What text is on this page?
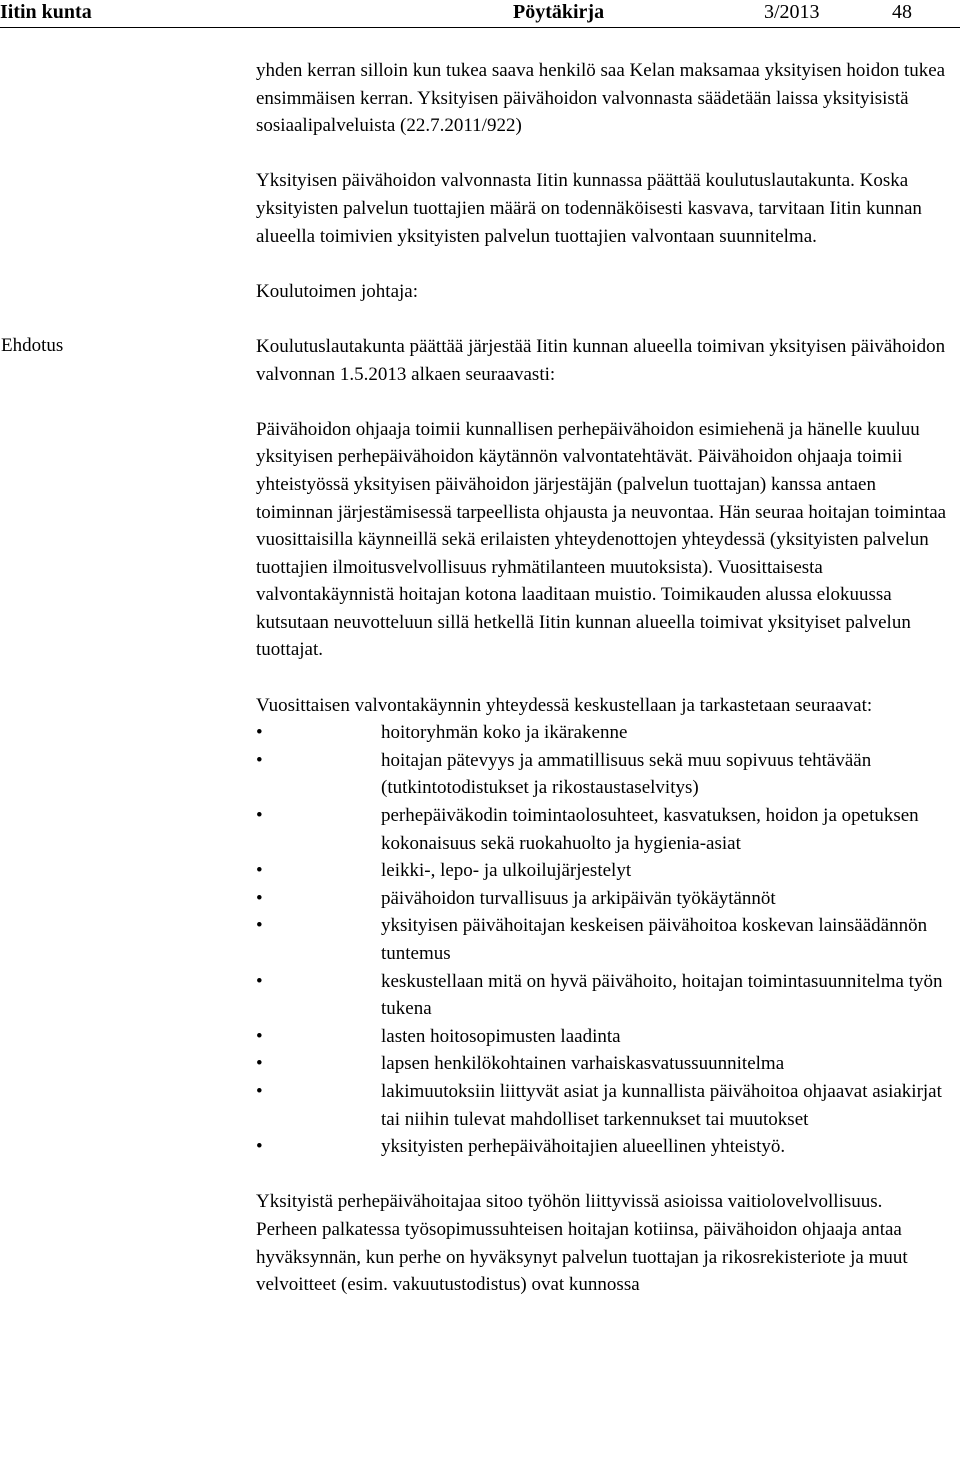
Iitin kunta	Pöytäkirja	3/2013	48
Ehdotus

yhden kerran silloin kun tukea saava henkilö saa Kelan maksamaa yksityisen hoidon tukea ensimmäisen kerran. Yksityisen päivähoidon valvonnasta säädetään laissa yksityisistä sosiaalipalveluista (22.7.2011/922)

Yksityisen päivähoidon valvonnasta Iitin kunnassa päättää koulutuslautakunta. Koska yksityisten palvelun tuottajien määrä on todennäköisesti kasvava, tarvitaan Iitin kunnan alueella toimivien yksityisten palvelun tuottajien valvontaan suunnitelma.

Koulutoimen johtaja:

Koulutuslautakunta päättää järjestää Iitin kunnan alueella toimivan yksityisen päivähoidon valvonnan 1.5.2013 alkaen seuraavasti:

Päivähoidon ohjaaja toimii kunnallisen perhepäivähoidon esimiehenä ja hänelle kuuluu yksityisen perhepäivähoidon käytännön valvontatehtävät. Päivähoidon ohjaaja toimii yhteistyössä yksityisen päivähoidon järjestäjän (palvelun tuottajan) kanssa antaen toiminnan järjestämisessä tarpeellista ohjausta ja neuvontaa. Hän seuraa hoitajan toimintaa vuosittaisilla käynneillä sekä erilaisten yhteydenottojen yhteydessä (yksityisten palvelun tuottajien ilmoitusvelvollisuus ryhmätilanteen muutoksista). Vuosittaisesta valvontakäynnistä hoitajan kotona laaditaan muistio. Toimikauden alussa elokuussa kutsutaan neuvotteluun sillä hetkellä Iitin kunnan alueella toimivat yksityiset palvelun tuottajat.

Vuosittaisen valvontakäynnin yhteydessä keskustellaan ja tarkastetaan seuraavat:

•	hoitoryhmän koko ja ikärakenne
•	hoitajan pätevyys ja ammatillisuus sekä muu sopivuus tehtävään (tutkintotodistukset ja rikostaustaselvitys)
•	perhepäiväkodin toimintaolosuhteet, kasvatuksen, hoidon ja opetuksen kokonaisuus sekä ruokahuolto ja hygienia-asiat
•	leikki-, lepo- ja ulkoilujärjestelyt
•	päivähoidon turvallisuus ja arkipäivän työkäytännöt
•	yksityisen päivähoitajan keskeisen päivähoitoa koskevan lainsäädännön tuntemus
•	keskustellaan mitä on hyvä päivähoito, hoitajan toimintasuunnitelma työn tukena
•	lasten hoitosopimusten laadinta
•	lapsen henkilökohtainen varhaiskasvatussuunnitelma
•	lakimuutoksiin liittyvät asiat ja kunnallista päivähoitoa ohjaavat asiakirjat tai niihin tulevat mahdolliset tarkennukset tai muutokset
•	yksityisten perhepäivähoitajien alueellinen yhteistyö.

Yksityistä perhepäivähoitajaa sitoo työhön liittyvissä asioissa vaitiolovelvollisuus.

Perheen palkatessa työsopimussuhteisen hoitajan kotiinsa, päivähoidon ohjaaja antaa hyväksynnän, kun perhe on hyväksynyt palvelun tuottajan ja rikosrekisteriote ja muut velvoitteet (esim. vakuutustodistus) ovat kunnossa
